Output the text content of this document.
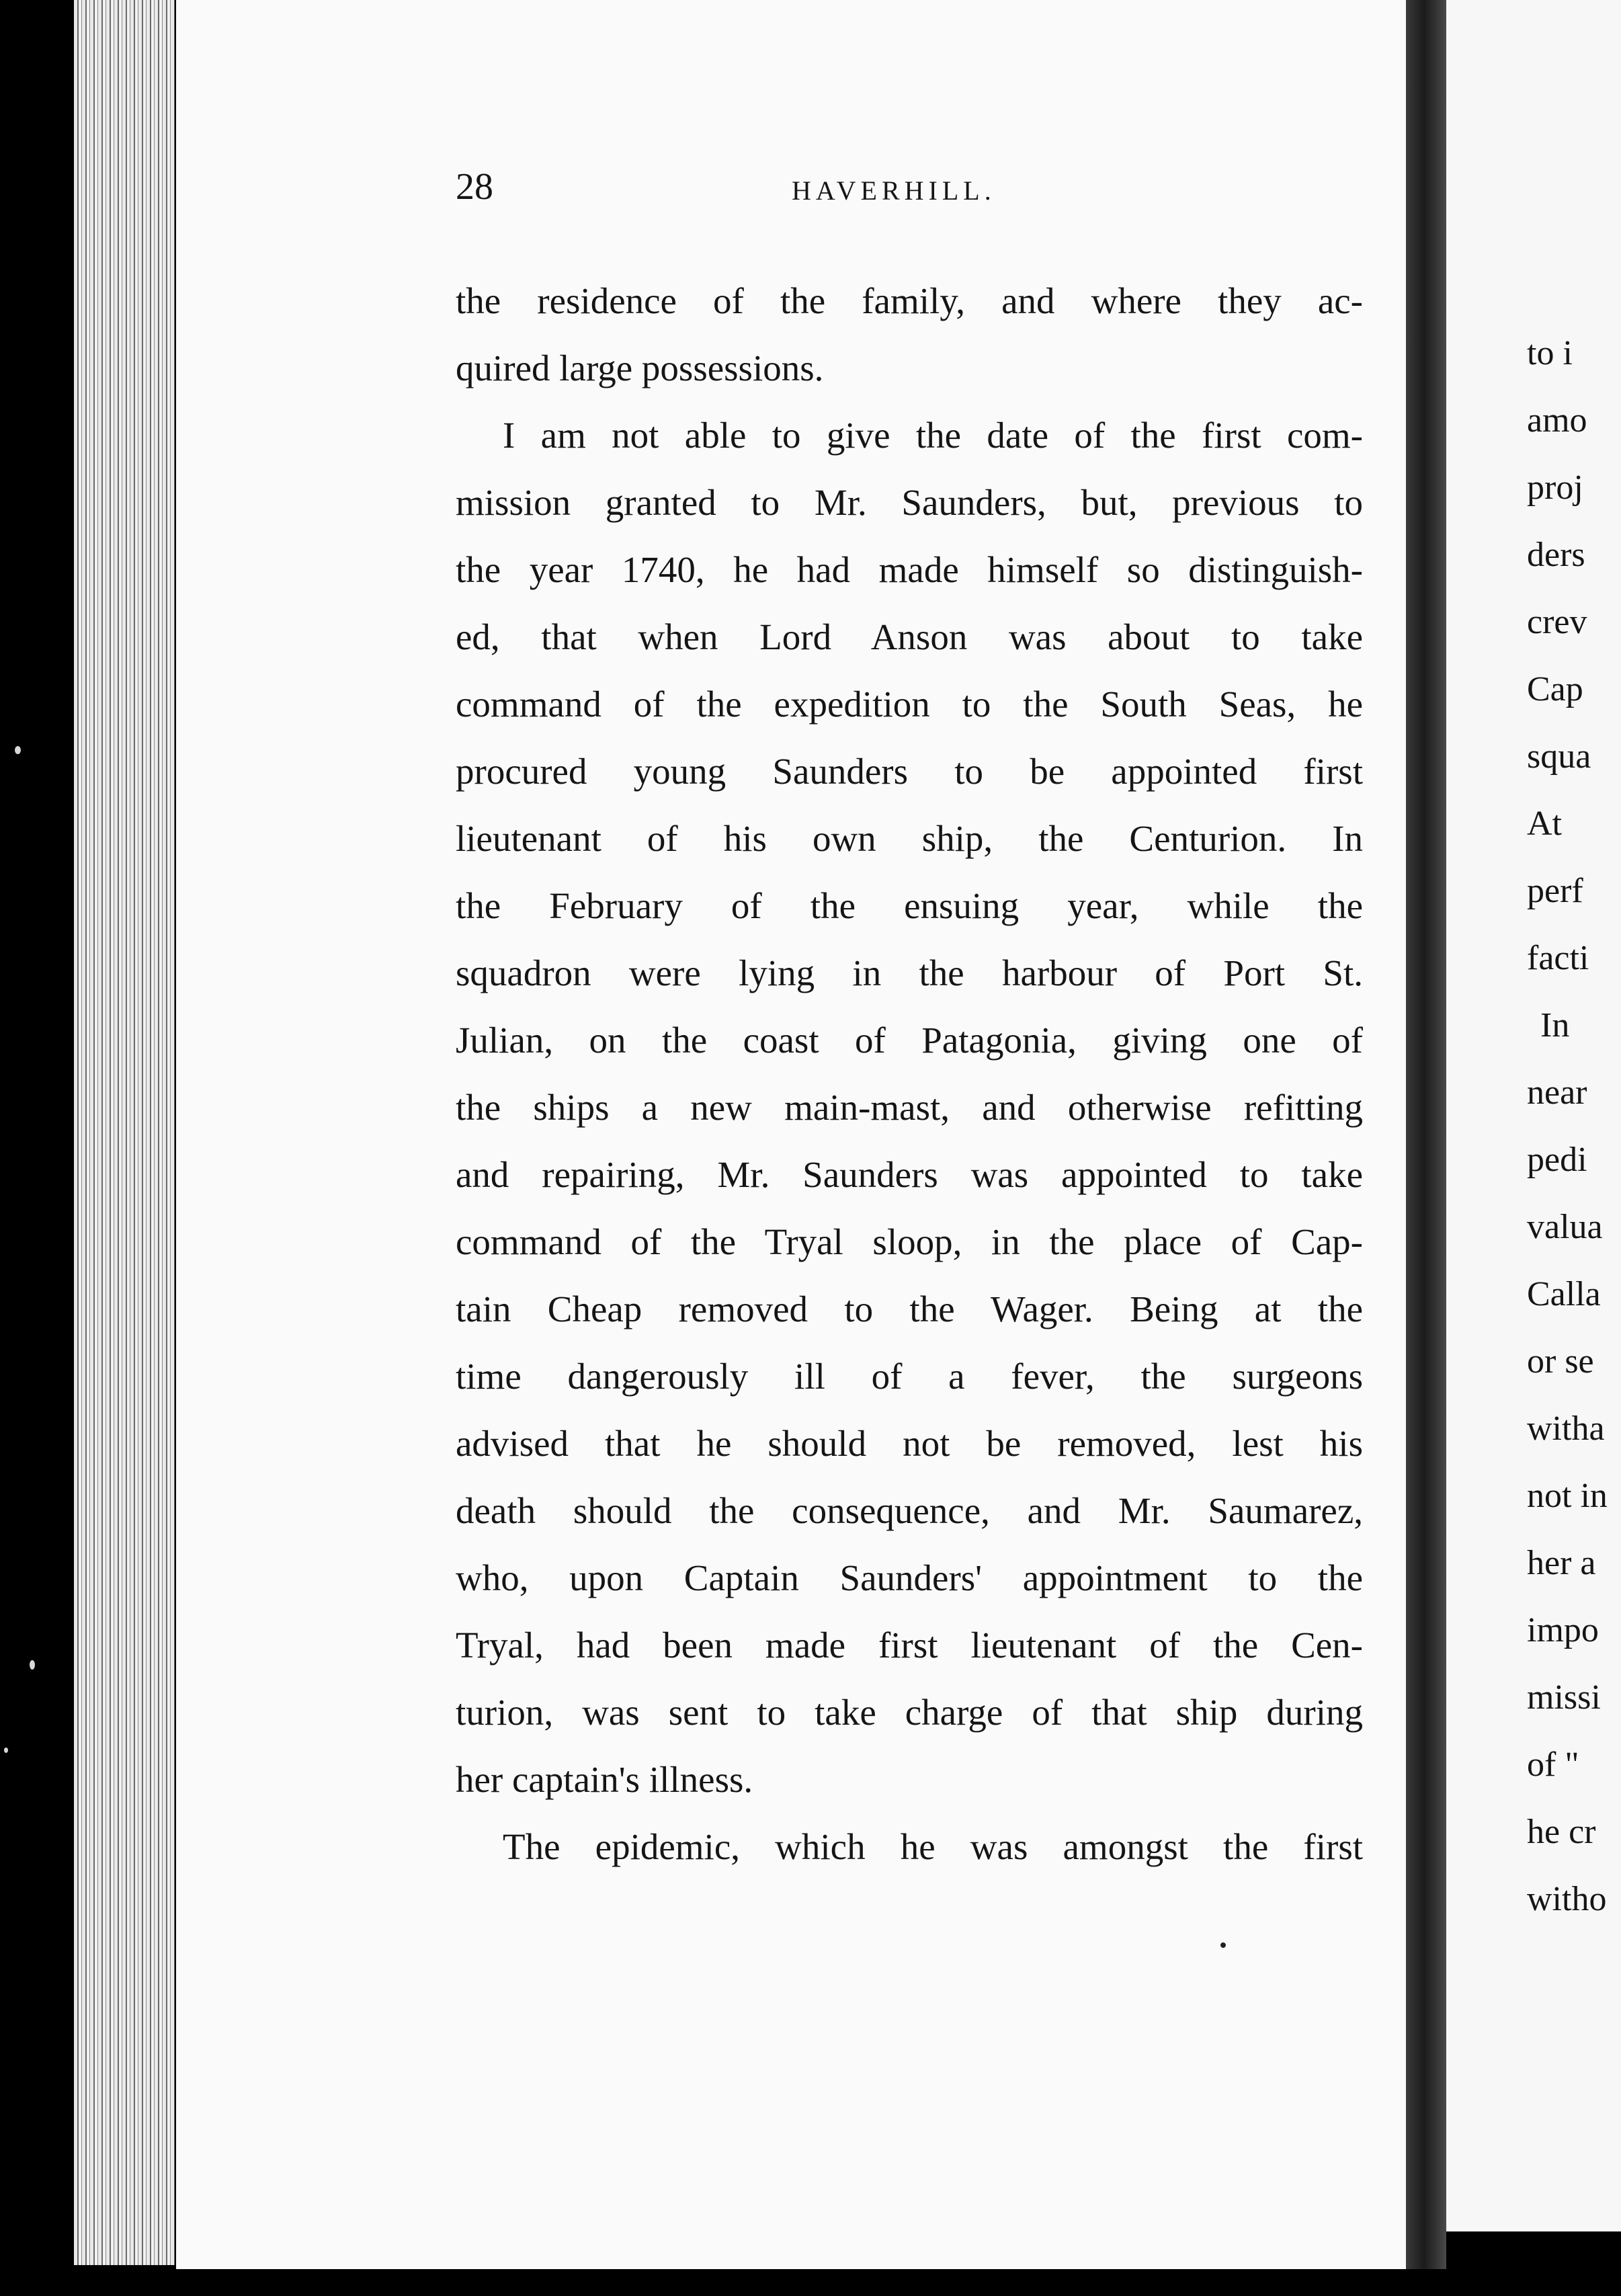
28	HAVERHILL.
the residence of the family, and where they ac-
quired large possessions.
I am not able to give the date of the first com-
mission granted to Mr. Saunders, but, previous to
the year 1740, he had made himself so distinguish-
ed, that when Lord Anson was about to take
command of the expedition to the South Seas, he
procured young Saunders to be appointed first
lieutenant of his own ship, the Centurion. In
the February of the ensuing year, while the
squadron were lying in the harbour of Port St.
Julian, on the coast of Patagonia, giving one of
the ships a new main-mast, and otherwise refitting
and repairing, Mr. Saunders was appointed to take
command of the Tryal sloop, in the place of Cap-
tain Cheap removed to the Wager. Being at the
time dangerously ill of a fever, the surgeons
advised that he should not be removed, lest his
death should the consequence, and Mr. Saumarez,
who, upon Captain Saunders' appointment to the
Tryal, had been made first lieutenant of the Cen-
turion, was sent to take charge of that ship during
her captain's illness.
The epidemic, which he was amongst the first
to i
amo
proj
ders
crev
Cap
squa
At
perf
facti
In
near
pedi
valua
Calla
or se
witha
not in
her a
impo
missi
of "
he cr
witho
